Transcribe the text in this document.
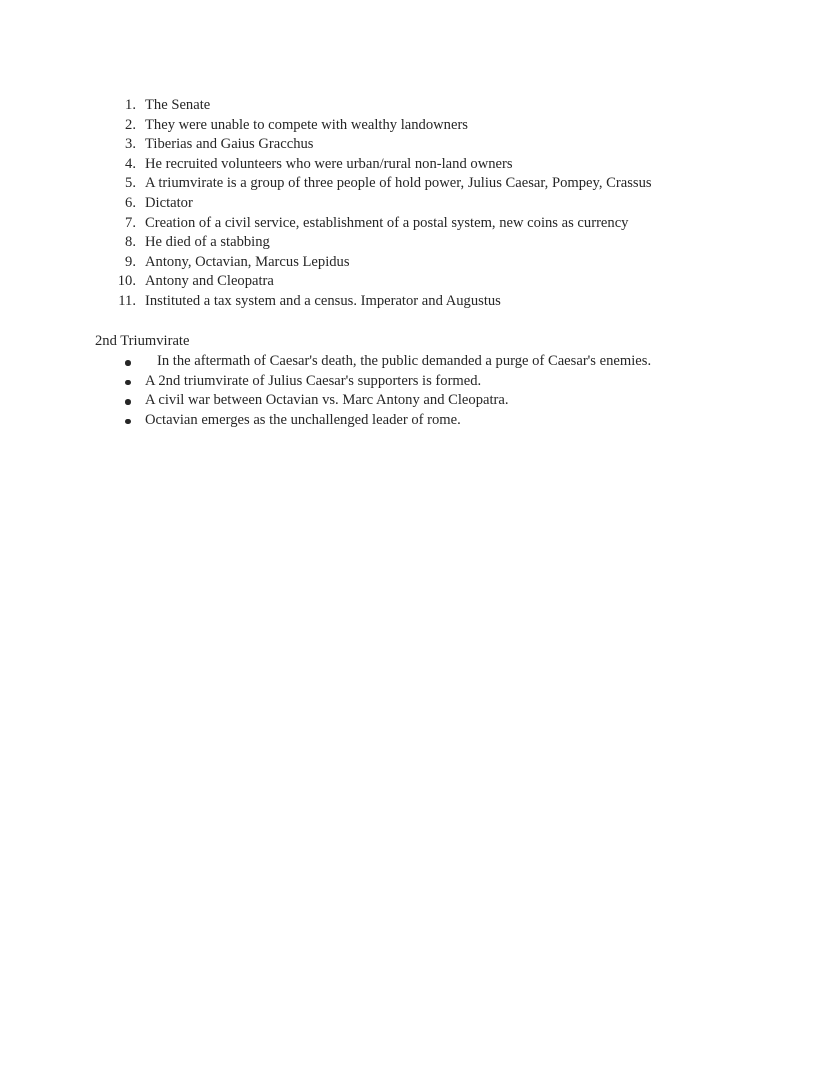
1. The Senate
2. They were unable to compete with wealthy landowners
3. Tiberias and Gaius Gracchus
4. He recruited volunteers who were urban/rural non-land owners
5. A triumvirate is a group of three people of hold power, Julius Caesar, Pompey, Crassus
6. Dictator
7. Creation of a civil service, establishment of a postal system, new coins as currency
8. He died of a stabbing
9. Antony, Octavian, Marcus Lepidus
10. Antony and Cleopatra
11. Instituted a tax system and a census. Imperator and Augustus
2nd Triumvirate
In the aftermath of Caesar's death, the public demanded a purge of Caesar's enemies.
A 2nd triumvirate of Julius Caesar's supporters is formed.
A civil war between Octavian vs. Marc Antony and Cleopatra.
Octavian emerges as the unchallenged leader of rome.
